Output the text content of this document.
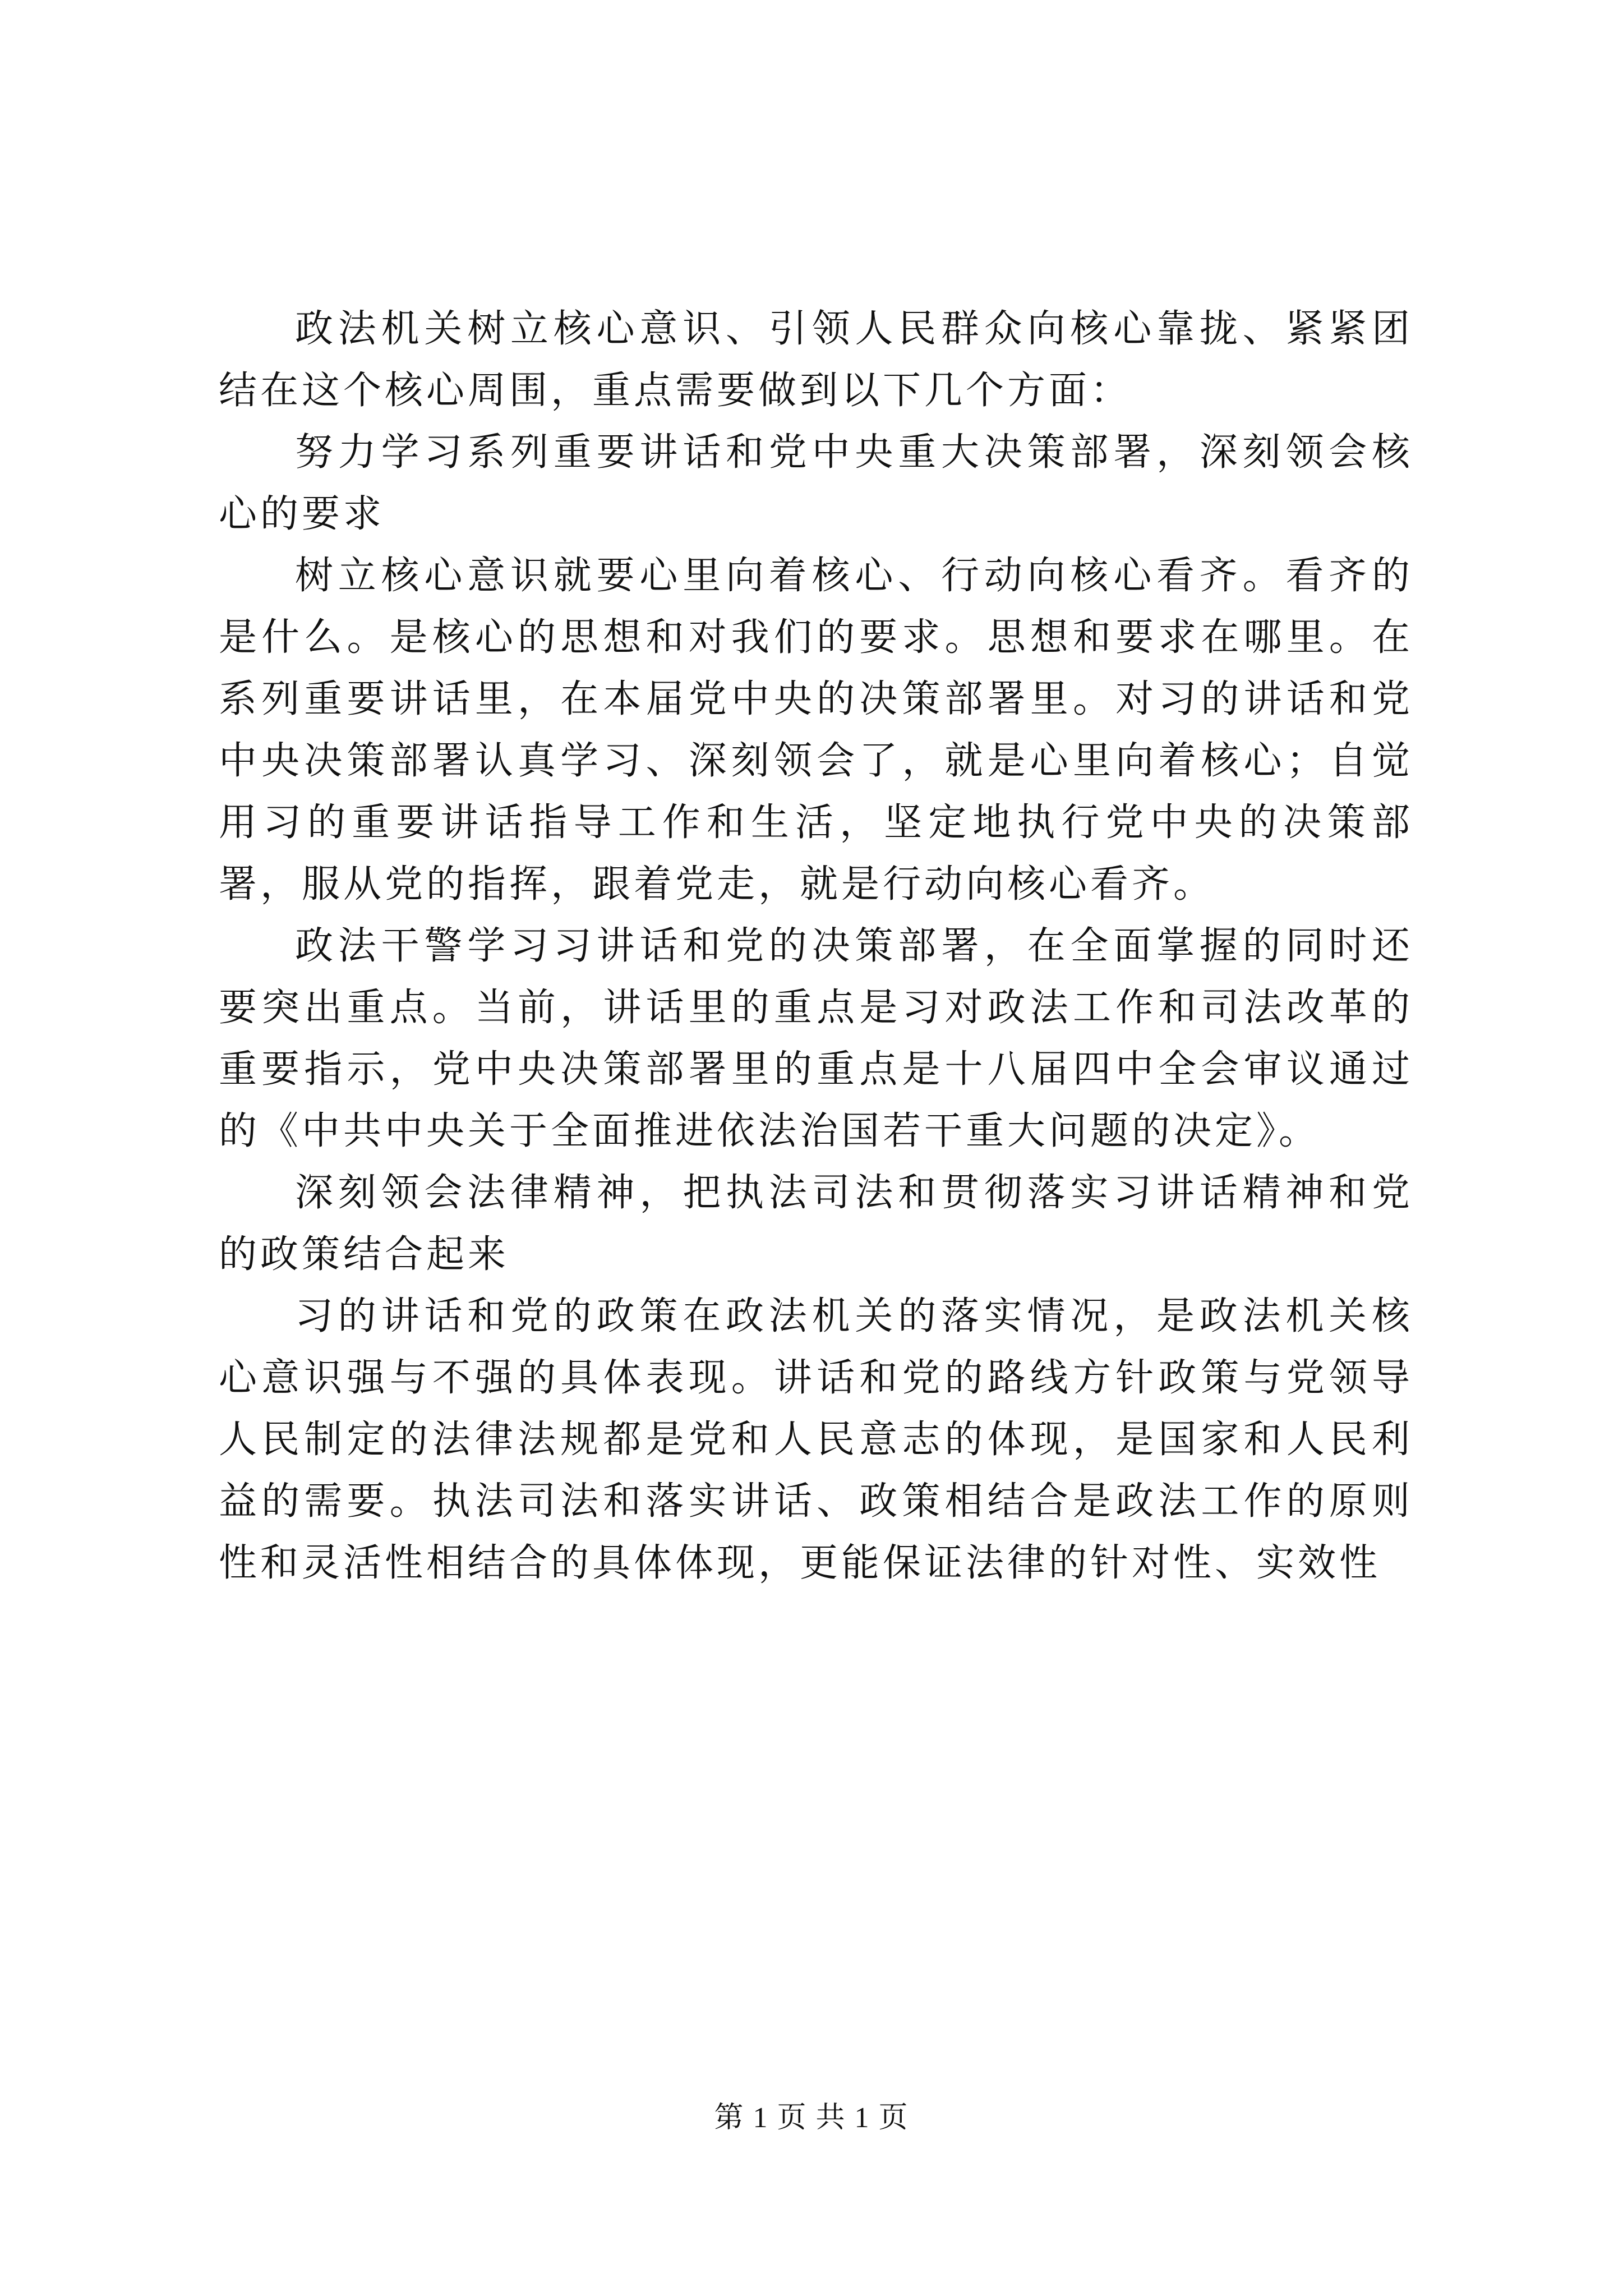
政法机关树立核心意识、引领人民群众向核心靠拢、紧紧团结在这个核心周围，重点需要做到以下几个方面：

努力学习系列重要讲话和党中央重大决策部署，深刻领会核心的要求

树立核心意识就要心里向着核心、行动向核心看齐。看齐的是什么。是核心的思想和对我们的要求。思想和要求在哪里。在系列重要讲话里，在本届党中央的决策部署里。对习的讲话和党中央决策部署认真学习、深刻领会了，就是心里向着核心；自觉用习的重要讲话指导工作和生活，坚定地执行党中央的决策部署，服从党的指挥，跟着党走，就是行动向核心看齐。

政法干警学习习讲话和党的决策部署，在全面掌握的同时还要突出重点。当前，讲话里的重点是习对政法工作和司法改革的重要指示，党中央决策部署里的重点是十八届四中全会审议通过的《中共中央关于全面推进依法治国若干重大问题的决定》。

深刻领会法律精神，把执法司法和贯彻落实习讲话精神和党的政策结合起来

习的讲话和党的政策在政法机关的落实情况，是政法机关核心意识强与不强的具体表现。讲话和党的路线方针政策与党领导人民制定的法律法规都是党和人民意志的体现，是国家和人民利益的需要。执法司法和落实讲话、政策相结合是政法工作的原则性和灵活性相结合的具体体现，更能保证法律的针对性、实效性

第 1 页 共 1 页
